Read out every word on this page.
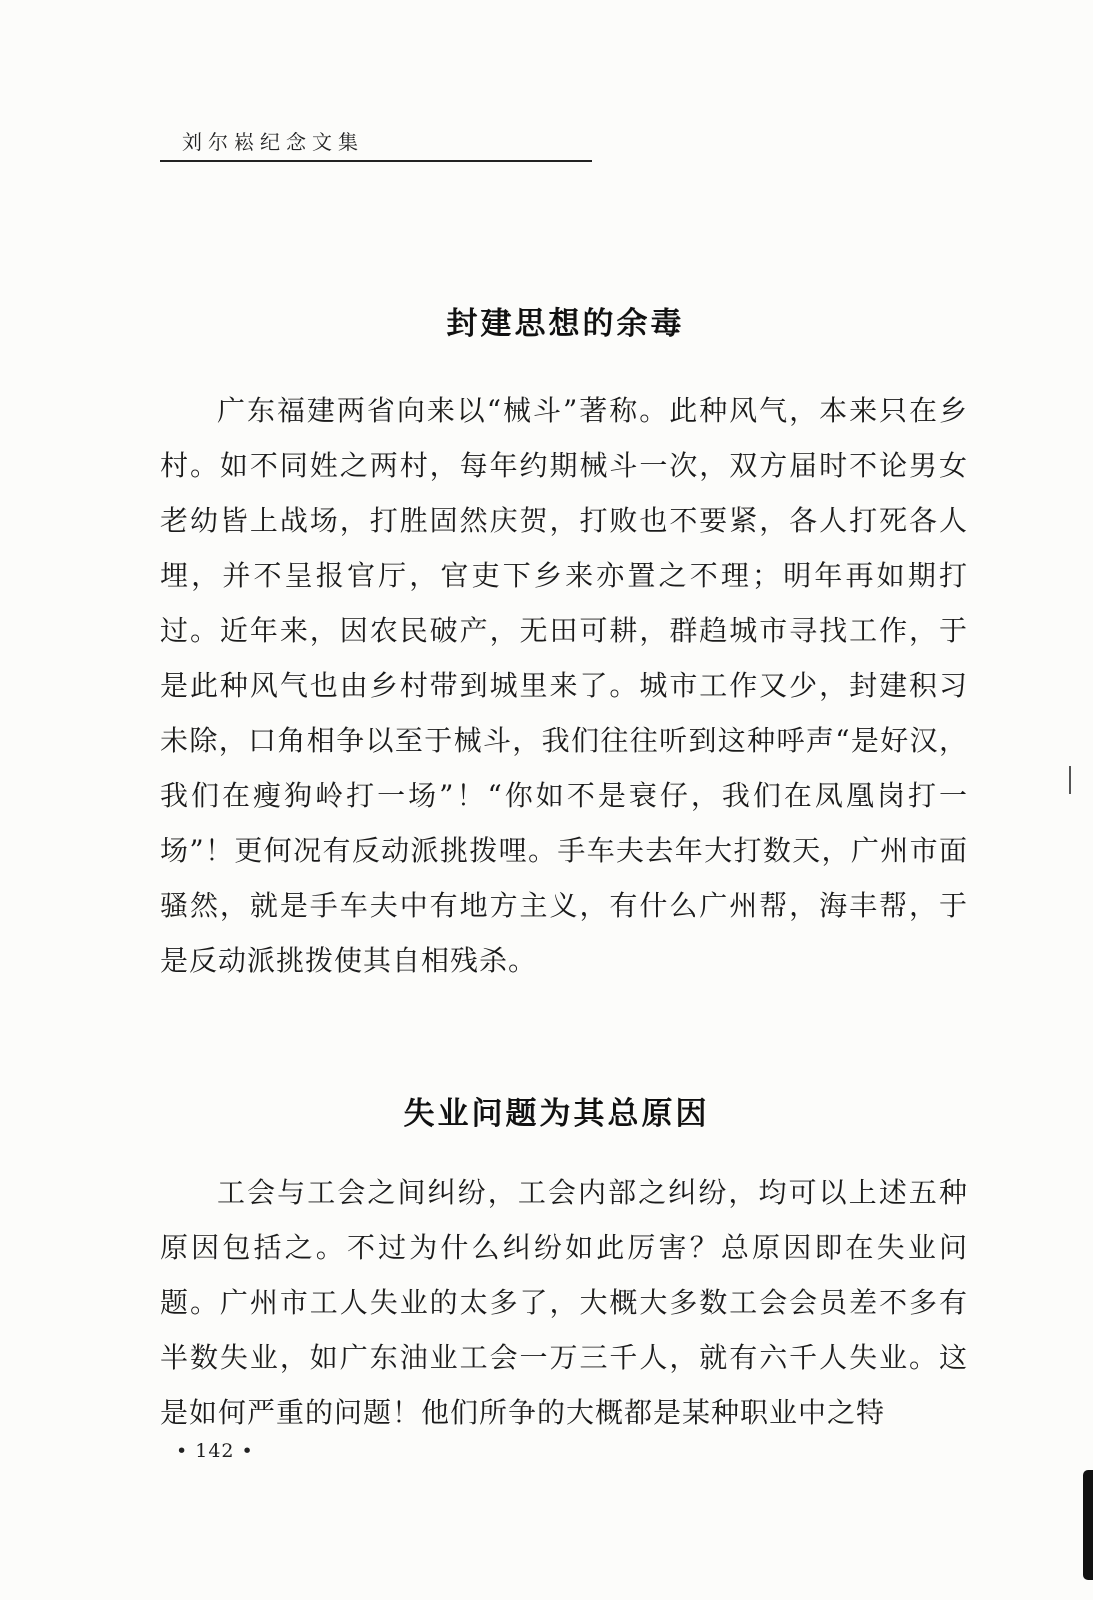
刘尔崧纪念文集
封建思想的余毒

广东福建两省向来以“械斗”著称。此种风气，本来只在乡村。如不同姓之两村，每年约期械斗一次，双方届时不论男女老幼皆上战场，打胜固然庆贺，打败也不要紧，各人打死各人埋，并不呈报官厅，官吏下乡来亦置之不理；明年再如期打过。近年来，因农民破产，无田可耕，群趋城市寻找工作，于是此种风气也由乡村带到城里来了。城市工作又少，封建积习未除，口角相争以至于械斗，我们往往听到这种呼声“是好汉，我们在瘦狗岭打一场”！“你如不是衰仔，我们在凤凰岗打一场”！更何况有反动派挑拨哩。手车夫去年大打数天，广州市面骚然，就是手车夫中有地方主义，有什么广州帮，海丰帮，于是反动派挑拨使其自相残杀。

失业问题为其总原因

工会与工会之间纠纷，工会内部之纠纷，均可以上述五种原因包括之。不过为什么纠纷如此厉害？总原因即在失业问题。广州市工人失业的太多了，大概大多数工会会员差不多有半数失业，如广东油业工会一万三千人，就有六千人失业。这是如何严重的问题！他们所争的大概都是某种职业中之特

• 142 •
